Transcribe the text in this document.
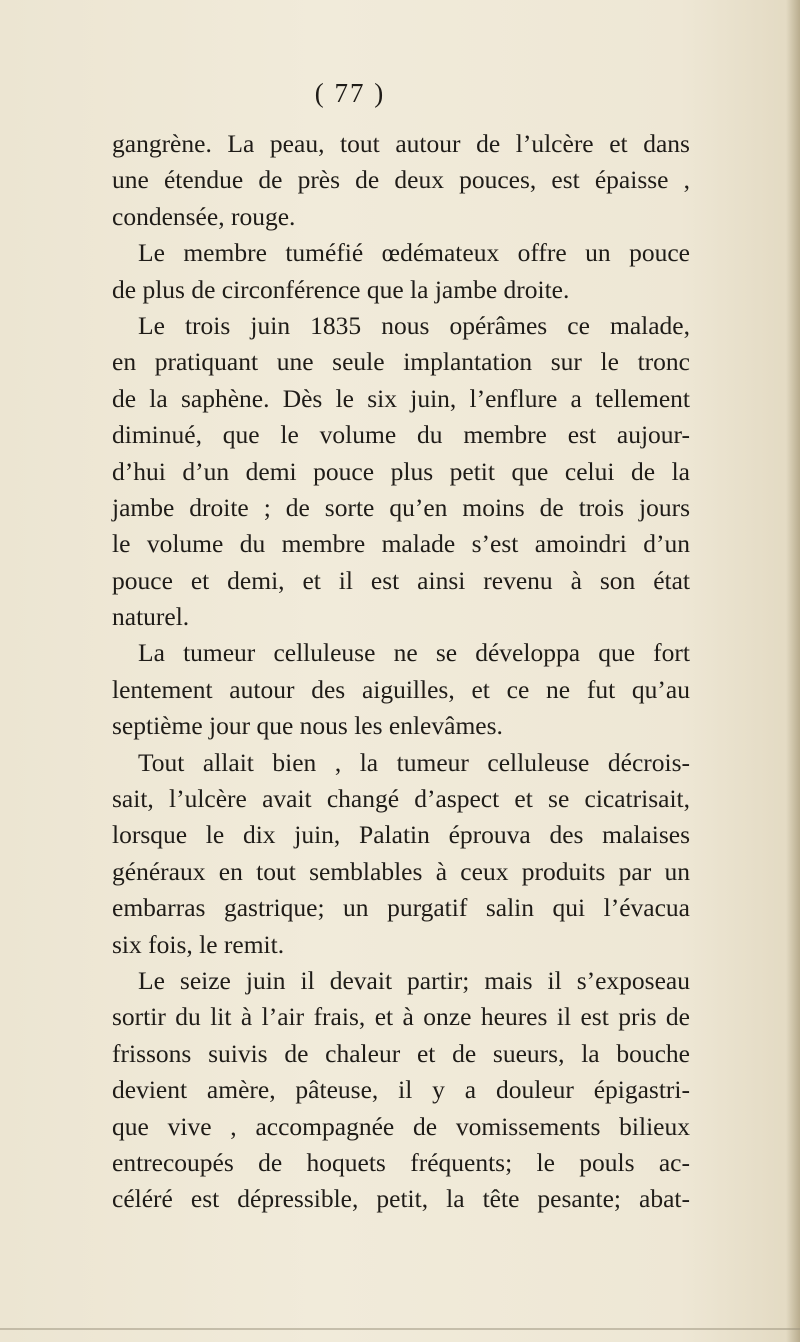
( 77 )
gangrène. La peau, tout autour de l’ulcère et dans
une étendue de près de deux pouces, est épaisse ,
condensée, rouge.
Le membre tuméfié œdémateux offre un pouce
de plus de circonférence que la jambe droite.
Le trois juin 1835 nous opérâmes ce malade,
en pratiquant une seule implantation sur le tronc
de la saphène. Dès le six juin, l’enflure a tellement
diminué, que le volume du membre est aujour-
d’hui d’un demi pouce plus petit que celui de la
jambe droite ; de sorte qu’en moins de trois jours
le volume du membre malade s’est amoindri d’un
pouce et demi, et il est ainsi revenu à son état
naturel.
La tumeur celluleuse ne se développa que fort
lentement autour des aiguilles, et ce ne fut qu’au
septième jour que nous les enlevâmes.
Tout allait bien , la tumeur celluleuse décrois-
sait, l’ulcère avait changé d’aspect et se cicatrisait,
lorsque le dix juin, Palatin éprouva des malaises
généraux en tout semblables à ceux produits par un
embarras gastrique; un purgatif salin qui l’évacua
six fois, le remit.
Le seize juin il devait partir; mais il s’exposeau
sortir du lit à l’air frais, et à onze heures il est pris de
frissons suivis de chaleur et de sueurs, la bouche
devient amère, pâteuse, il y a douleur épigastri-
que vive , accompagnée de vomissements bilieux
entrecoupés de hoquets fréquents; le pouls ac-
céléré est dépressible, petit, la tête pesante; abat-
